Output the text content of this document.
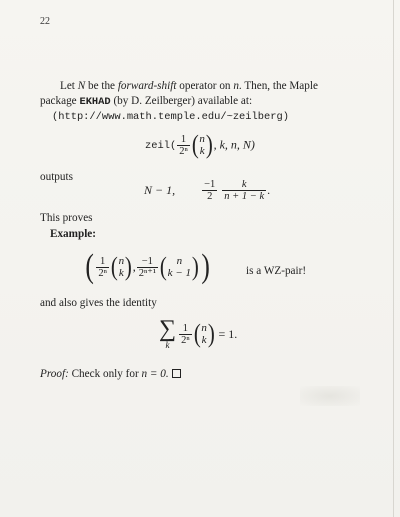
22
Let N be the forward-shift operator on n. Then, the Maple
package EKHAD (by D. Zeilberger) available at:
(http://www.math.temple.edu/~zeilberg)
zeil( $\frac{1}{\text{2ⁿ}}$ ( n
k ) , k, n, N)
outputs
N − 1,	$\frac{-1}{2} \frac{k}{n + 1 - k}$ .
This proves
Example:
( $\frac{1}{\text{2ⁿ}}$ ( n
k ) , $\frac{-1}{\text{2ⁿ⁺¹}}$ ( n
k − 1 ) )	is a WZ-pair!
and also gives the identity
∑
k $\frac{1}{\text{2ⁿ}}$ ( n
k ) = 1.
Proof: Check only for n = 0.
